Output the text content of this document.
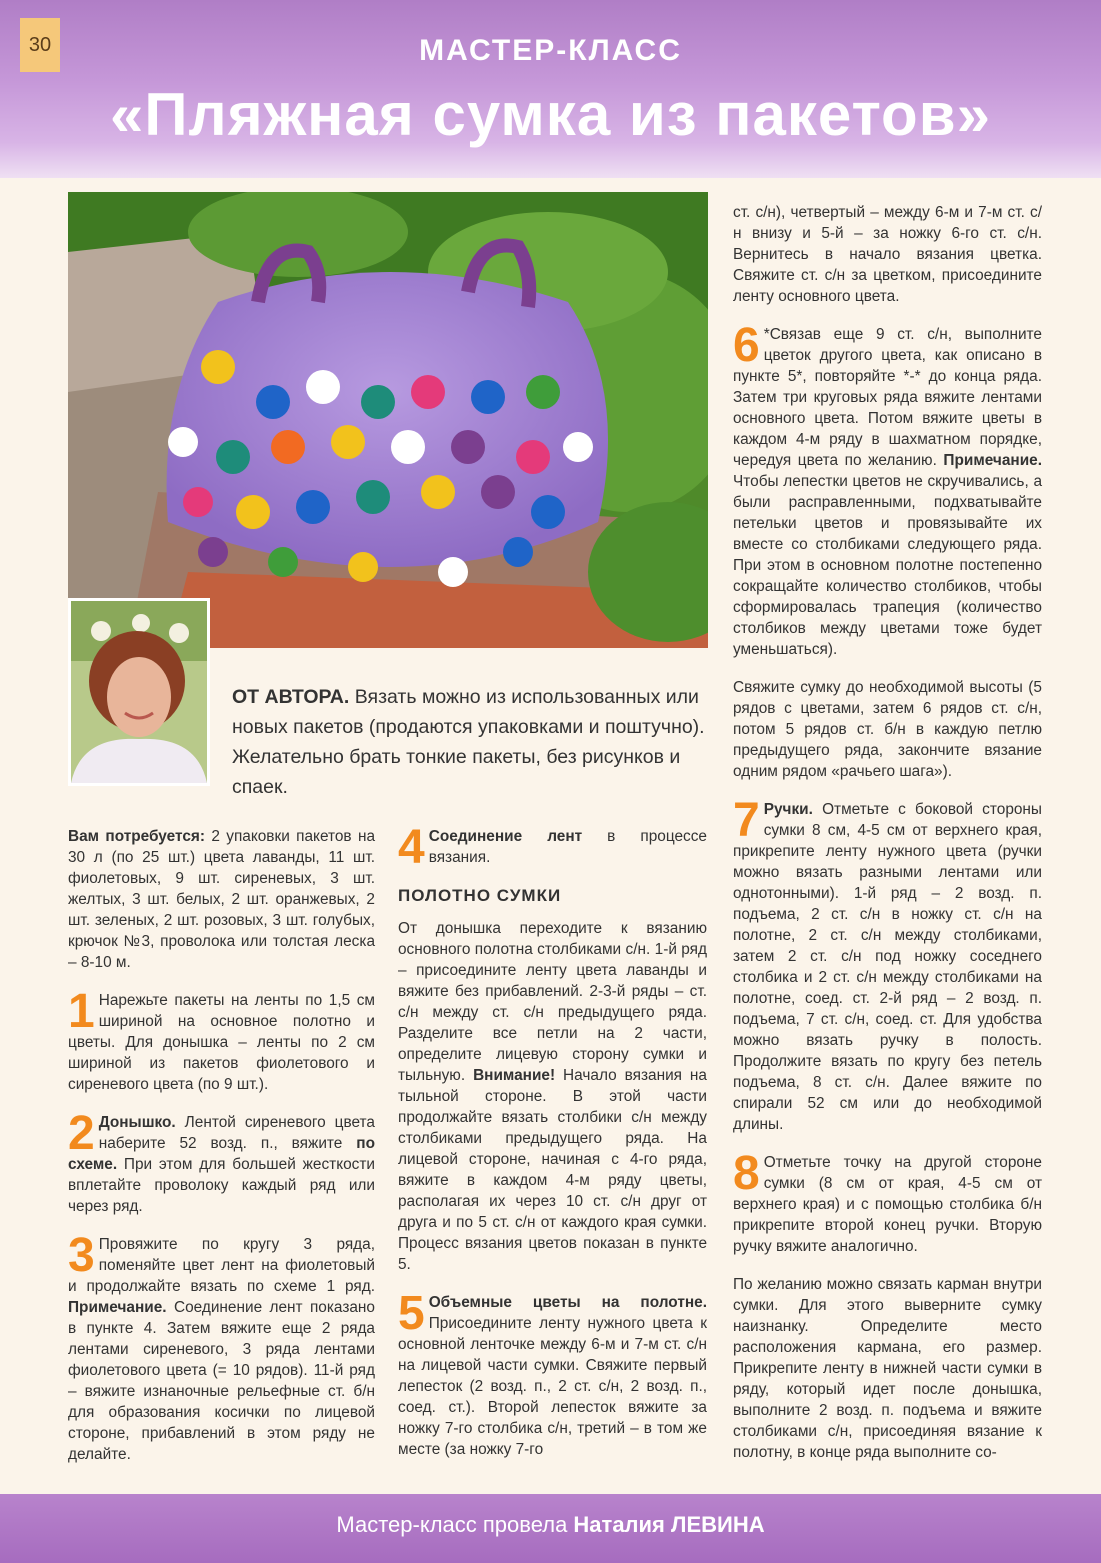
30	МАСТЕР-КЛАСС
«Пляжная сумка из пакетов»
ОТ АВТОРА. Вязать можно из использованных или новых пакетов (продаются упаковками и поштучно). Желательно брать тонкие пакеты, без рисунков и спаек.

Вам потребуется: 2 упаковки пакетов на 30 л (по 25 шт.) цвета лаванды, 11 шт. фиолетовых, 9 шт. сиреневых, 3 шт. желтых, 3 шт. белых, 2 шт. оранжевых, 2 шт. зеленых, 2 шт. розовых, 3 шт. голубых, крючок №3, проволока или толстая леска – 8-10 м.

1 Нарежьте пакеты на ленты по 1,5 см шириной на основное полотно и цветы. Для донышка – ленты по 2 см шириной из пакетов фиолетового и сиреневого цвета (по 9 шт.).

2 Донышко. Лентой сиреневого цвета наберите 52 возд. п., вяжите по схеме. При этом для большей жесткости вплетайте проволоку каждый ряд или через ряд.

3 Провяжите по кругу 3 ряда, поменяйте цвет лент на фиолетовый и продолжайте вязать по схеме 1 ряд. Примечание. Соединение лент показано в пункте 4. Затем вяжите еще 2 ряда лентами сиреневого, 3 ряда лентами фиолетового цвета (= 10 рядов). 11-й ряд – вяжите изнаночные рельефные ст. б/н для образования косички по лицевой стороне, прибавлений в этом ряду не делайте.

4 Соединение лент в процессе вязания.

ПОЛОТНО СУМКИ

От донышка переходите к вязанию основного полотна столбиками с/н. 1-й ряд – присоедините ленту цвета лаванды и вяжите без прибавлений. 2-3-й ряды – ст. с/н между ст. с/н предыдущего ряда. Разделите все петли на 2 части, определите лицевую сторону сумки и тыльную. Внимание! Начало вязания на тыльной стороне. В этой части продолжайте вязать столбики с/н между столбиками предыдущего ряда. На лицевой стороне, начиная с 4-го ряда, вяжите в каждом 4-м ряду цветы, располагая их через 10 ст. с/н друг от друга и по 5 ст. с/н от каждого края сумки. Процесс вязания цветов показан в пункте 5.

5 Объемные цветы на полотне. Присоедините ленту нужного цвета к основной ленточке между 6-м и 7-м ст. с/н на лицевой части сумки. Свяжите первый лепесток (2 возд. п., 2 ст. с/н, 2 возд. п., соед. ст.). Второй лепесток вяжите за ножку 7-го столбика с/н, третий – в том же месте (за ножку 7-го

ст. с/н), четвертый – между 6-м и 7-м ст. с/н внизу и 5-й – за ножку 6-го ст. с/н. Вернитесь в начало вязания цветка. Свяжите ст. с/н за цветком, присоедините ленту основного цвета.

6 *Связав еще 9 ст. с/н, выполните цветок другого цвета, как описано в пункте 5*, повторяйте *-* до конца ряда. Затем три круговых ряда вяжите лентами основного цвета. Потом вяжите цветы в каждом 4-м ряду в шахматном порядке, чередуя цвета по желанию. Примечание. Чтобы лепестки цветов не скручивались, а были расправленными, подхватывайте петельки цветов и провязывайте их вместе со столбиками следующего ряда. При этом в основном полотне постепенно сокращайте количество столбиков, чтобы сформировалась трапеция (количество столбиков между цветами тоже будет уменьшаться).

Свяжите сумку до необходимой высоты (5 рядов с цветами, затем 6 рядов ст. с/н, потом 5 рядов ст. б/н в каждую петлю предыдущего ряда, закончите вязание одним рядом «рачьего шага»).

7 Ручки. Отметьте с боковой стороны сумки 8 см, 4-5 см от верхнего края, прикрепите ленту нужного цвета (ручки можно вязать разными лентами или однотонными). 1-й ряд – 2 возд. п. подъема, 2 ст. с/н в ножку ст. с/н на полотне, 2 ст. с/н между столбиками, затем 2 ст. с/н под ножку соседнего столбика и 2 ст. с/н между столбиками на полотне, соед. ст. 2-й ряд – 2 возд. п. подъема, 7 ст. с/н, соед. ст. Для удобства можно вязать ручку в полость. Продолжите вязать по кругу без петель подъема, 8 ст. с/н. Далее вяжите по спирали 52 см или до необходимой длины.

8 Отметьте точку на другой стороне сумки (8 см от края, 4-5 см от верхнего края) и с помощью столбика б/н прикрепите второй конец ручки. Вторую ручку вяжите аналогично.

По желанию можно связать карман внутри сумки. Для этого выверните сумку наизнанку. Определите место расположения кармана, его размер. Прикрепите ленту в нижней части сумки в ряду, который идет после донышка, выполните 2 возд. п. подъема и вяжите столбиками с/н, присоединяя вязание к полотну, в конце ряда выполните со-

Мастер-класс провела Наталия ЛЕВИНА
